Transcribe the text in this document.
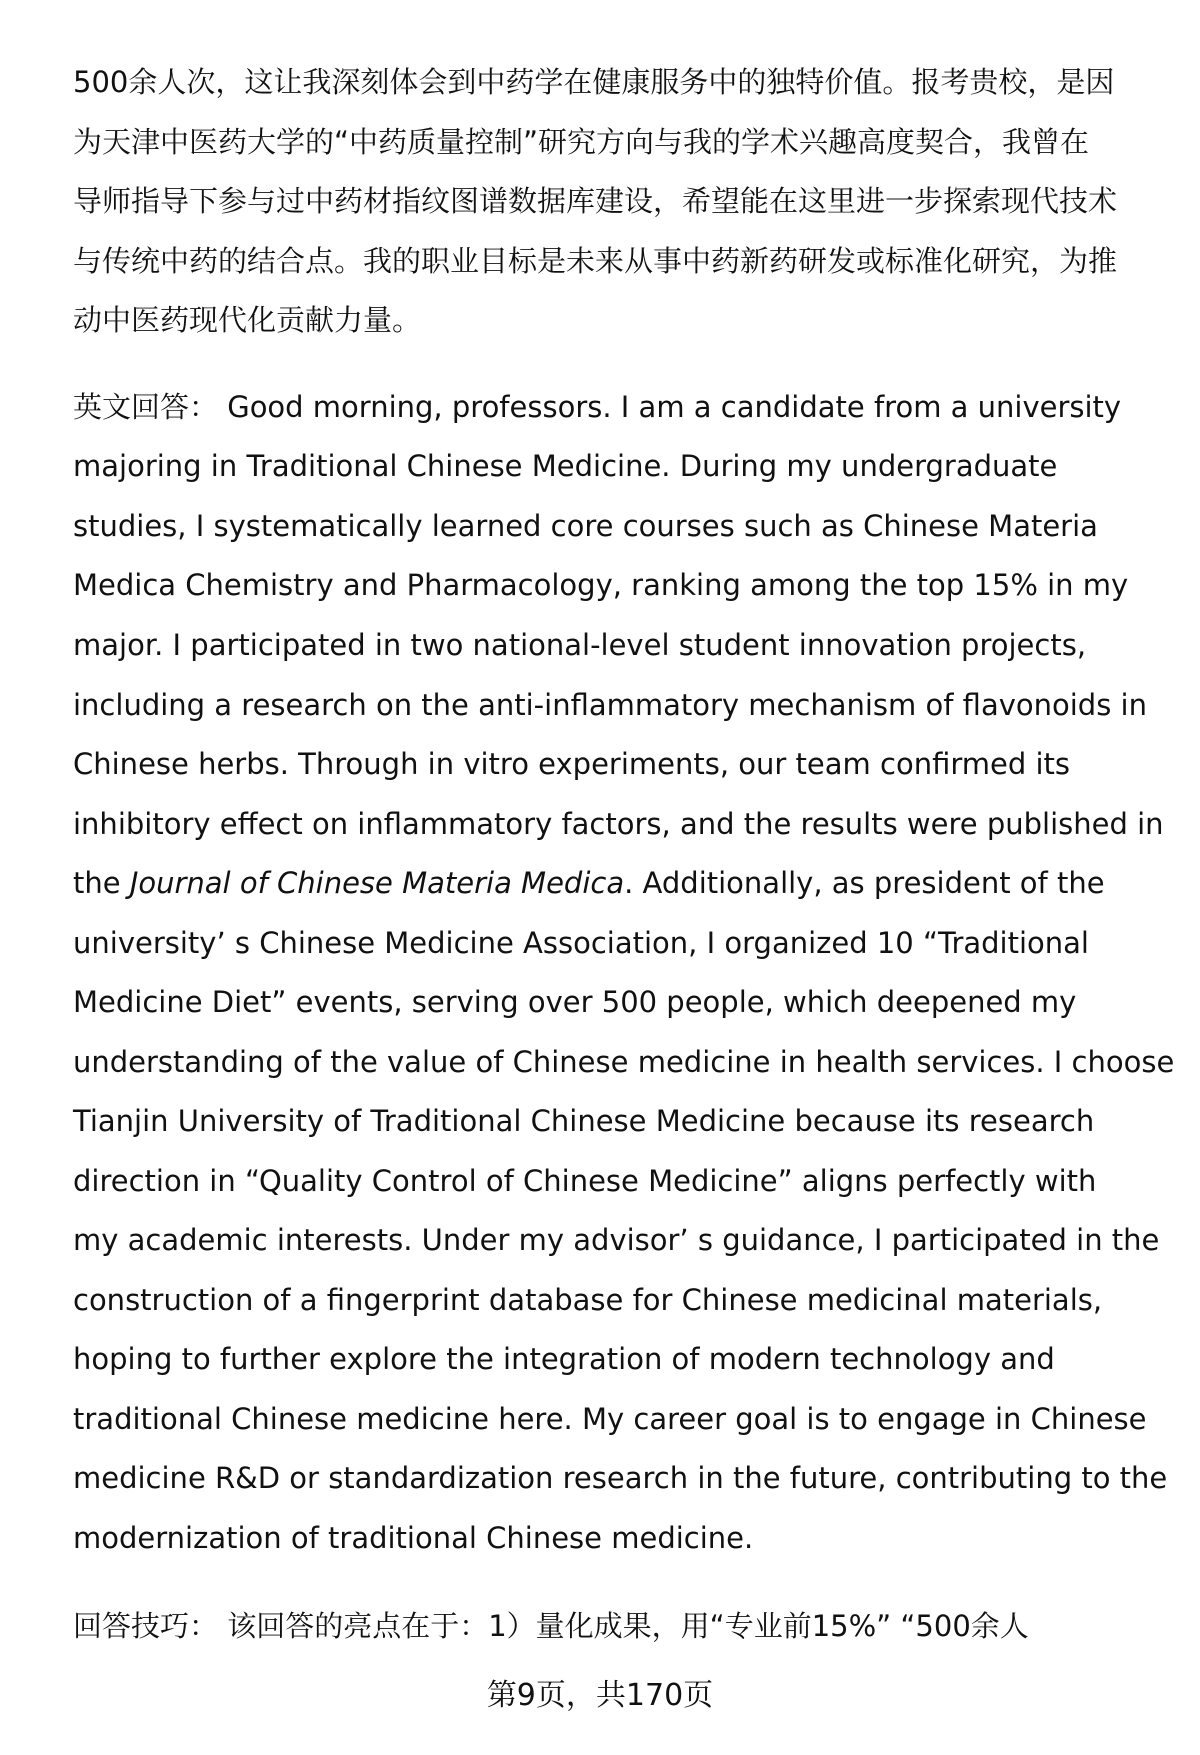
500余人次，这让我深刻体会到中药学在健康服务中的独特价值。报考贵校，是因
为天津中医药大学的“中药质量控制”研究方向与我的学术兴趣高度契合，我曾在
导师指导下参与过中药材指纹图谱数据库建设，希望能在这里进一步探索现代技术
与传统中药的结合点。我的职业目标是未来从事中药新药研发或标准化研究，为推
动中医药现代化贡献力量。
英文回答： Good morning, professors. I am a candidate from a university
majoring in Traditional Chinese Medicine. During my undergraduate
studies, I systematically learned core courses such as Chinese Materia
Medica Chemistry and Pharmacology, ranking among the top 15% in my
major. I participated in two national-level student innovation projects,
including a research on the anti-inflammatory mechanism of flavonoids in
Chinese herbs. Through in vitro experiments, our team confirmed its
inhibitory effect on inflammatory factors, and the results were published in
the Journal of Chinese Materia Medica. Additionally, as president of the
university’ s Chinese Medicine Association, I organized 10 “Traditional
Medicine Diet” events, serving over 500 people, which deepened my
understanding of the value of Chinese medicine in health services. I choose
Tianjin University of Traditional Chinese Medicine because its research
direction in “Quality Control of Chinese Medicine” aligns perfectly with
my academic interests. Under my advisor’ s guidance, I participated in the
construction of a fingerprint database for Chinese medicinal materials,
hoping to further explore the integration of modern technology and
traditional Chinese medicine here. My career goal is to engage in Chinese
medicine R&D or standardization research in the future, contributing to the
modernization of traditional Chinese medicine.
回答技巧： 该回答的亮点在于：1）量化成果，用“专业前15%” “500余人
第9页，共170页
